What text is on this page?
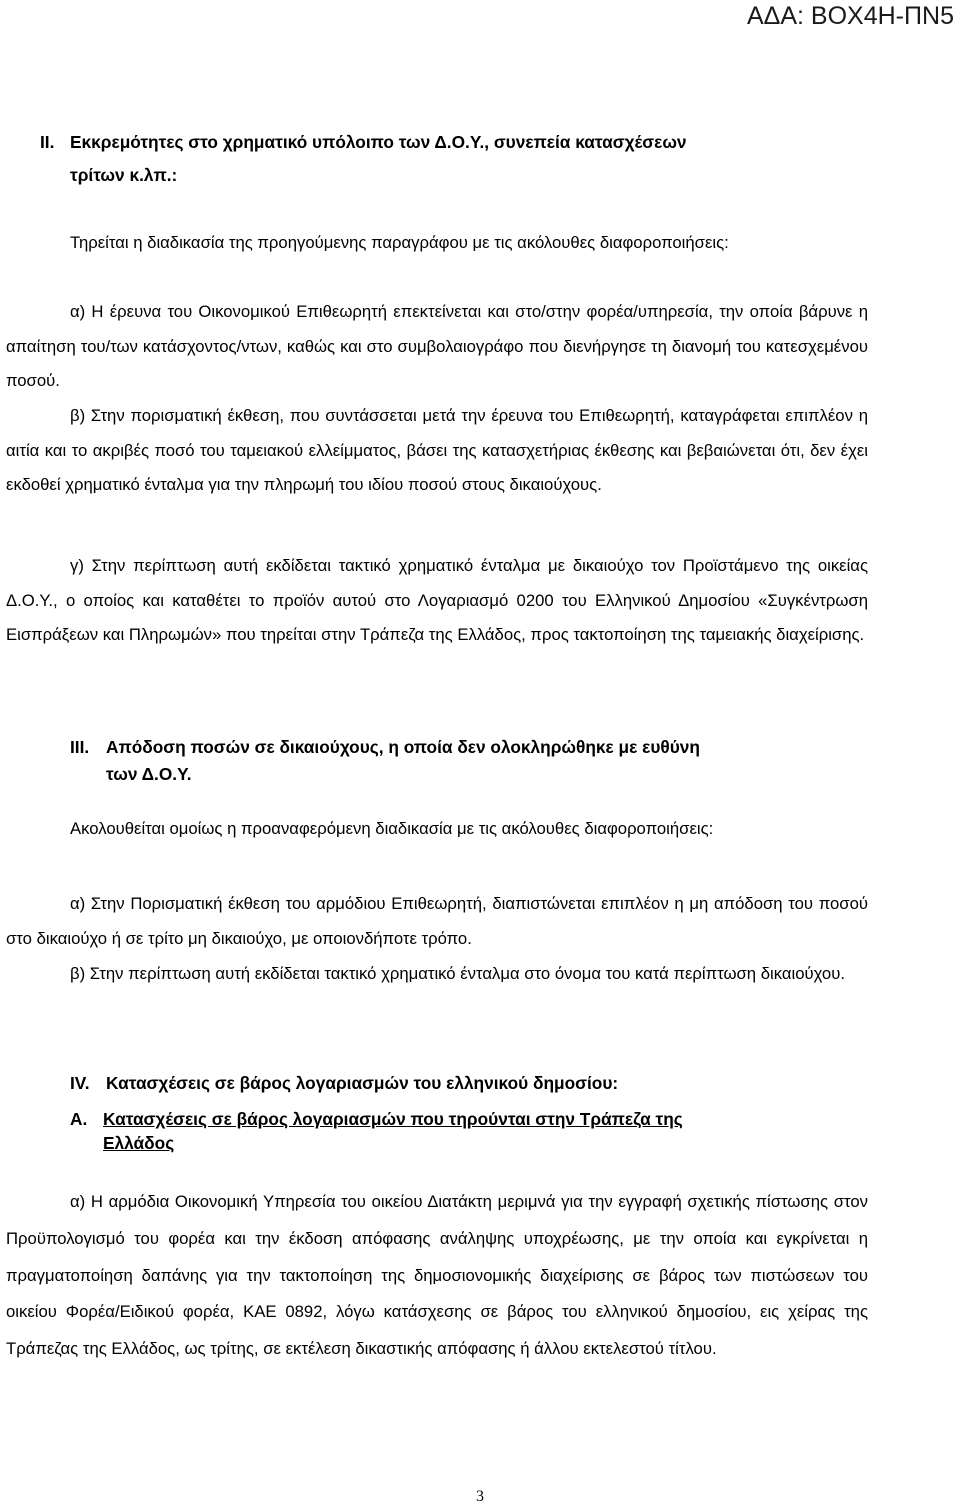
ΑΔΑ: ΒΟΧ4Η-ΠΝ5
ΙΙ. Εκκρεμότητες στο χρηματικό υπόλοιπο των Δ.Ο.Υ., συνεπεία κατασχέσεων
τρίτων κ.λπ.:

Τηρείται η διαδικασία της προηγούμενης παραγράφου με τις ακόλουθες διαφοροποιήσεις:

α) Η έρευνα του Οικονομικού Επιθεωρητή επεκτείνεται και στο/στην φορέα/υπηρεσία, την οποία βάρυνε η απαίτηση του/των κατάσχοντος/ντων, καθώς και στο συμβολαιογράφο που διενήργησε τη διανομή του κατεσχεμένου ποσού.

β) Στην πορισματική έκθεση, που συντάσσεται μετά την έρευνα του Επιθεωρητή, καταγράφεται επιπλέον η αιτία και το ακριβές ποσό του ταμειακού ελλείμματος, βάσει της κατασχετήριας έκθεσης και βεβαιώνεται ότι, δεν έχει εκδοθεί χρηματικό ένταλμα για την πληρωμή του ιδίου ποσού στους δικαιούχους.

γ) Στην περίπτωση αυτή εκδίδεται τακτικό χρηματικό ένταλμα με δικαιούχο τον Προϊστάμενο της οικείας Δ.Ο.Υ., ο οποίος και καταθέτει το προϊόν αυτού στο Λογαριασμό 0200 του Ελληνικού Δημοσίου «Συγκέντρωση Εισπράξεων και Πληρωμών» που τηρείται στην Τράπεζα της Ελλάδος, προς τακτοποίηση της ταμειακής διαχείρισης.

ΙΙΙ. Απόδοση ποσών σε δικαιούχους, η οποία δεν ολοκληρώθηκε με ευθύνη
των Δ.Ο.Υ.

Ακολουθείται ομοίως η προαναφερόμενη διαδικασία με τις ακόλουθες διαφοροποιήσεις:

α) Στην Πορισματική έκθεση του αρμόδιου Επιθεωρητή, διαπιστώνεται επιπλέον η μη απόδοση του ποσού στο δικαιούχο ή σε τρίτο μη δικαιούχο, με οποιονδήποτε τρόπο.

β) Στην περίπτωση αυτή εκδίδεται τακτικό χρηματικό ένταλμα στο όνομα του κατά περίπτωση δικαιούχου.

IV. Κατασχέσεις σε βάρος λογαριασμών του ελληνικού δημοσίου:
Α. Κατασχέσεις σε βάρος λογαριασμών που τηρούνται στην Τράπεζα της
Ελλάδος

α) Η αρμόδια Οικονομική Υπηρεσία του οικείου Διατάκτη μεριμνά για την εγγραφή σχετικής πίστωσης στον Προϋπολογισμό του φορέα και την έκδοση απόφασης ανάληψης υποχρέωσης, με την οποία και εγκρίνεται η πραγματοποίηση δαπάνης για την τακτοποίηση της δημοσιονομικής διαχείρισης σε βάρος των πιστώσεων του οικείου Φορέα/Ειδικού φορέα, ΚΑΕ 0892, λόγω κατάσχεσης σε βάρος του ελληνικού δημοσίου, εις χείρας της Τράπεζας της Ελλάδος, ως τρίτης, σε εκτέλεση δικαστικής απόφασης ή άλλου εκτελεστού τίτλου.

3
